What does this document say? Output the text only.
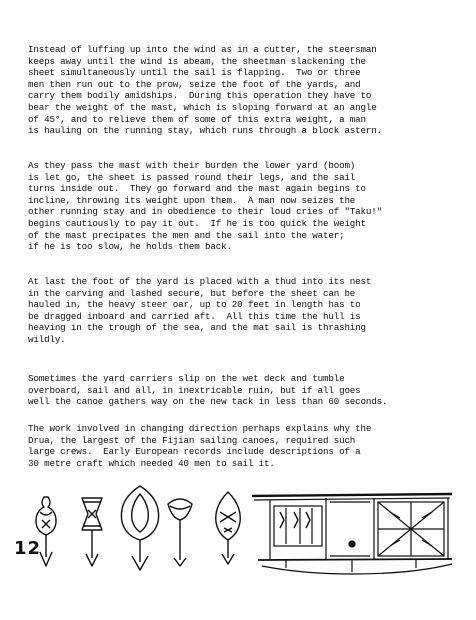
Instead of luffing up into the wind as in a cutter, the steersman
keeps away until the wind is abeam, the sheetman slackening the
sheet simultaneously until the sail is flapping.  Two or three
men then run out to the prow, seize the foot of the yards, and
carry them bodily amidships.  During this operation they have to
bear the weight of the mast, which is sloping forward at an angle
of 45°, and to relieve them of some of this extra weight, a man
is hauling on the running stay, which runs through a block astern.
As they pass the mast with their burden the lower yard (boom)
is let go, the sheet is passed round their legs, and the sail
turns inside out.  They go forward and the mast again begins to
incline, throwing its weight upon them.  A man now seizes the
other running stay and in obedience to their loud cries of "Taku!"
begins cautiously to pay it out.  If he is too quick the weight
of the mast precipates the men and the sail into the water;
if he is too slow, he holds them back.
At last the foot of the yard is placed with a thud into its nest
in the carving and lashed secure, but before the sheet can be
hauled in, the heavy steer oar, up to 20 feet in length has to
be dragged inboard and carried aft.  All this time the hull is
heaving in the trough of the sea, and the mat sail is thrashing
wildly.
Sometimes the yard carriers slip on the wet deck and tumble
overboard, sail and all, in inextricable ruin, but if all goes
well the canoe gathers way on the new tack in less than 60 seconds.
The work involved in changing direction perhaps explains why the
Drua, the largest of the Fijian sailing canoes, required such
large crews.  Early European records include descriptions of a
30 metre craft which needed 40 men to sail it.
12
